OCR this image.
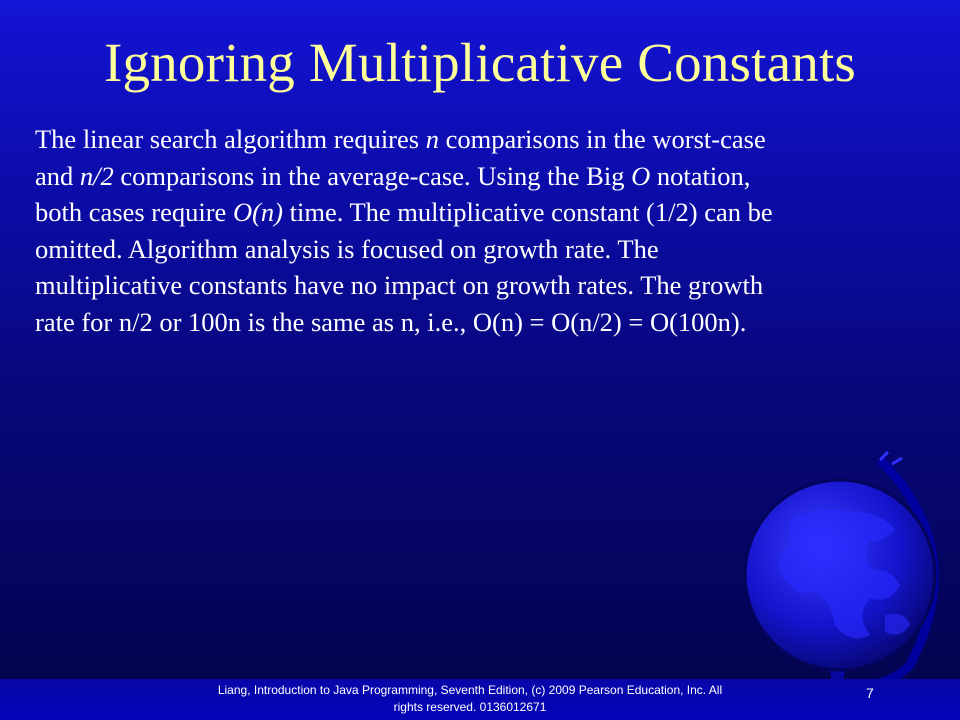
Ignoring Multiplicative Constants
The linear search algorithm requires n comparisons in the worst-case
and n/2 comparisons in the average-case. Using the Big O notation,
both cases require O(n) time. The multiplicative constant (1/2) can be
omitted. Algorithm analysis is focused on growth rate. The
multiplicative constants have no impact on growth rates. The growth
rate for n/2 or 100n is the same as n, i.e., O(n) = O(n/2) = O(100n).
Liang, Introduction to Java Programming, Seventh Edition, (c) 2009 Pearson Education, Inc. All
rights reserved. 0136012671
7
